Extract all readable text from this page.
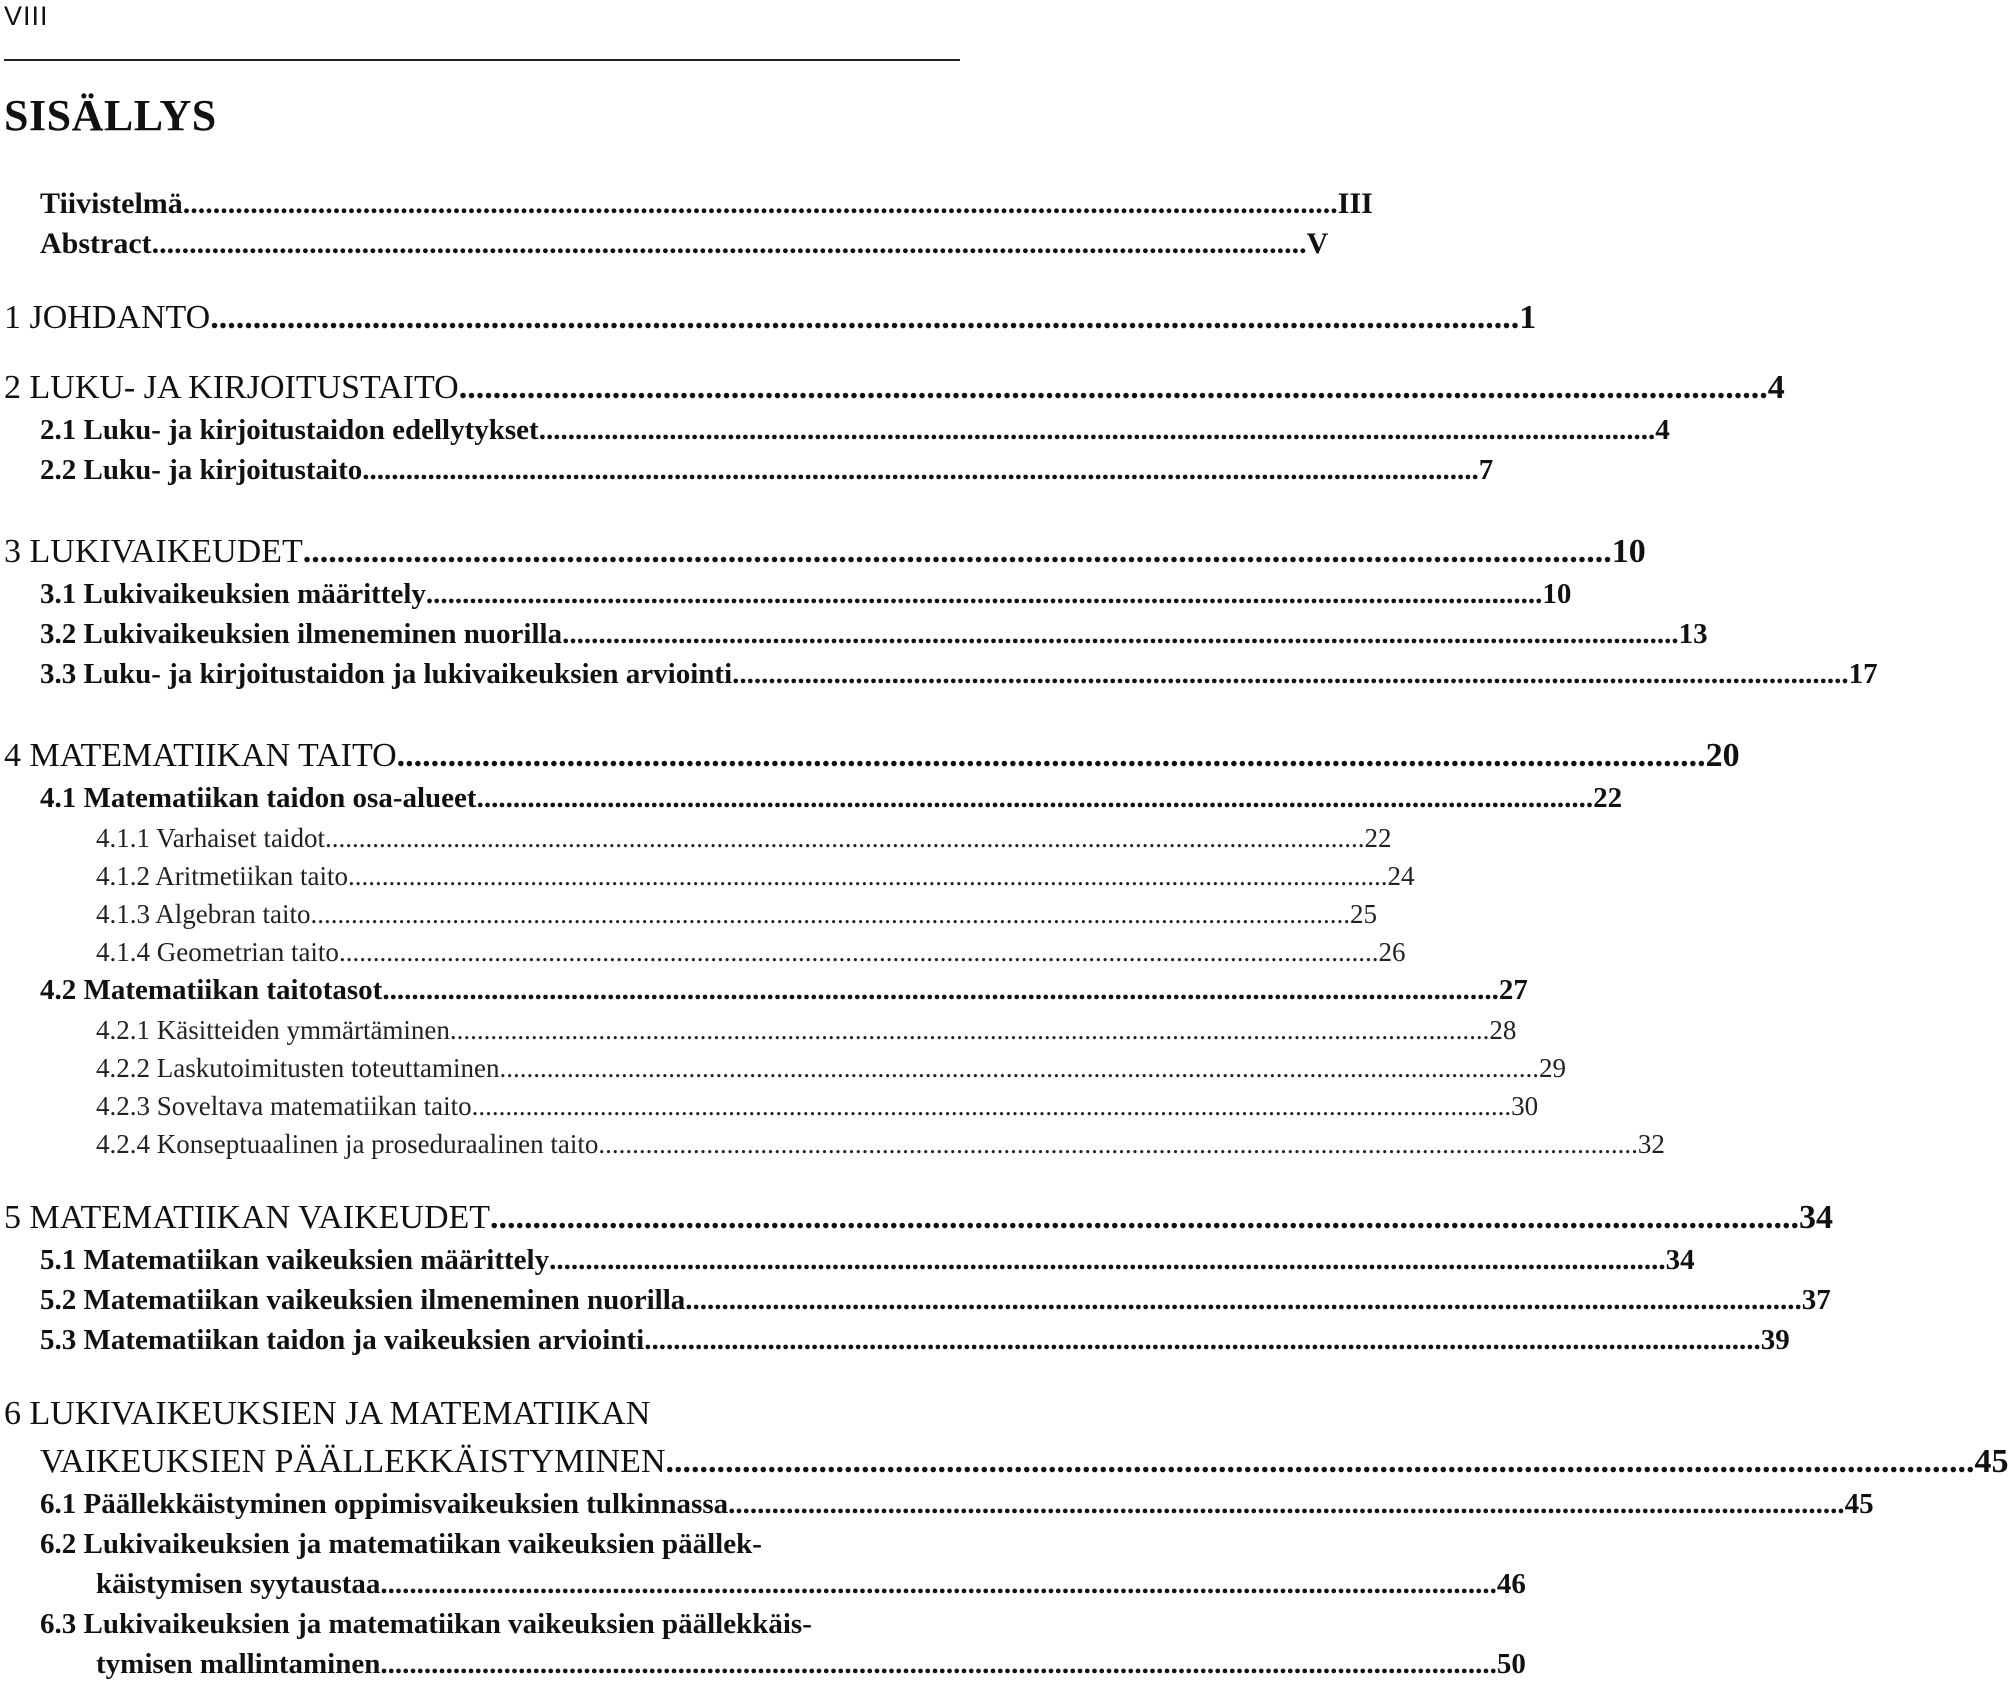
VIII
SISÄLLYS
Tiivistelmä .......................................................................................................................................................... III
Abstract .......................................................................................................................................................... V
1 JOHDANTO .......................................................................................................................................................... 1
2 LUKU- JA KIRJOITUSTAITO .......................................................................................................................................................... 4
2.1 Luku- ja kirjoitustaidon edellytykset .......................................................................................................................................................... 4
2.2 Luku- ja kirjoitustaito .......................................................................................................................................................... 7
3 LUKIVAIKEUDET .......................................................................................................................................................... 10
3.1 Lukivaikeuksien määrittely .......................................................................................................................................................... 10
3.2 Lukivaikeuksien ilmeneminen nuorilla .......................................................................................................................................................... 13
3.3 Luku- ja kirjoitustaidon ja lukivaikeuksien arviointi .......................................................................................................................................................... 17
4 MATEMATIIKAN TAITO .......................................................................................................................................................... 20
4.1 Matematiikan taidon osa-alueet .......................................................................................................................................................... 22
4.1.1 Varhaiset taidot .......................................................................................................................................................... 22
4.1.2 Aritmetiikan taito .......................................................................................................................................................... 24
4.1.3 Algebran taito .......................................................................................................................................................... 25
4.1.4 Geometrian taito .......................................................................................................................................................... 26
4.2 Matematiikan taitotasot .......................................................................................................................................................... 27
4.2.1 Käsitteiden ymmärtäminen .......................................................................................................................................................... 28
4.2.2 Laskutoimitusten toteuttaminen .......................................................................................................................................................... 29
4.2.3 Soveltava matematiikan taito .......................................................................................................................................................... 30
4.2.4 Konseptuaalinen ja proseduraalinen taito .......................................................................................................................................................... 32
5 MATEMATIIKAN VAIKEUDET .......................................................................................................................................................... 34
5.1 Matematiikan vaikeuksien määrittely .......................................................................................................................................................... 34
5.2 Matematiikan vaikeuksien ilmeneminen nuorilla .......................................................................................................................................................... 37
5.3 Matematiikan taidon ja vaikeuksien arviointi .......................................................................................................................................................... 39
6 LUKIVAIKEUKSIEN JA MATEMATIIKAN
VAIKEUKSIEN PÄÄLLEKKÄISTYMINEN .......................................................................................................................................................... 45
6.1 Päällekkäistyminen oppimisvaikeuksien tulkinnassa .......................................................................................................................................................... 45
6.2 Lukivaikeuksien ja matematiikan vaikeuksien päällek-
käistymisen syytaustaa .......................................................................................................................................................... 46
6.3 Lukivaikeuksien ja matematiikan vaikeuksien päällekkäis-
tymisen mallintaminen .......................................................................................................................................................... 50
